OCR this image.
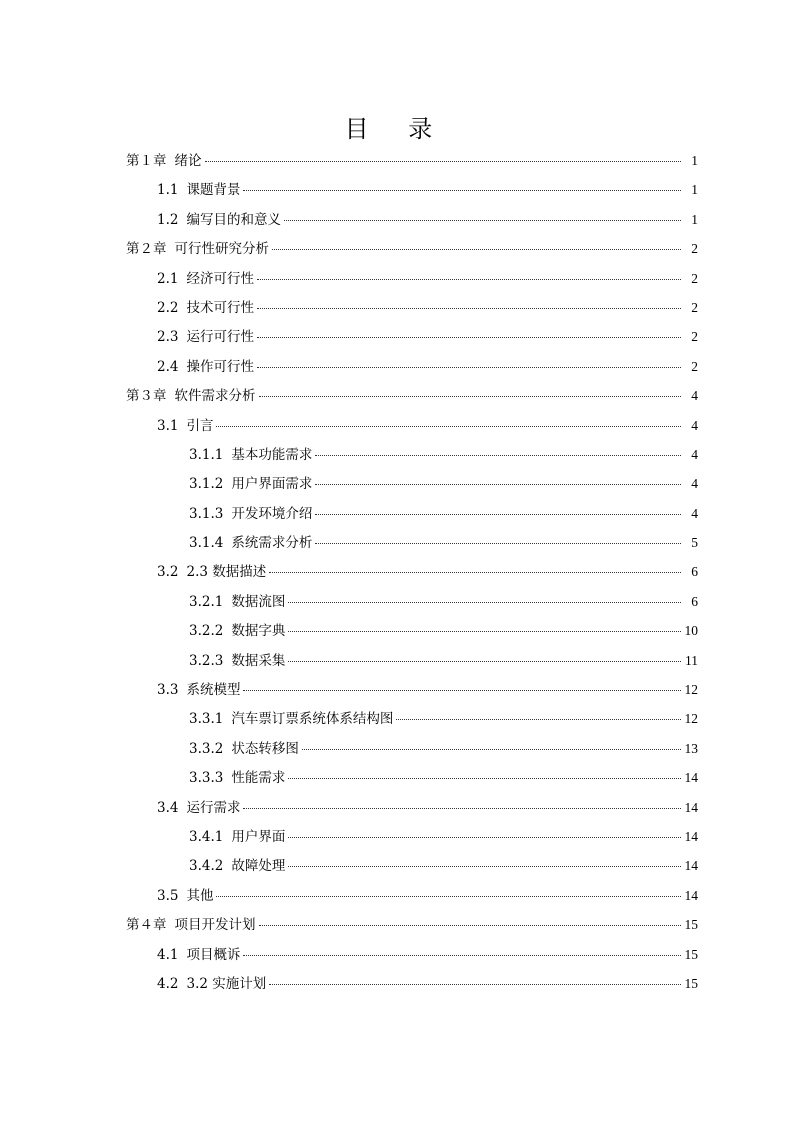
目 录
第１章 绪论	1
1.1 课题背景	1
1.2 编写目的和意义	1
第２章 可行性研究分析	2
2.1 经济可行性	2
2.2 技术可行性	2
2.3 运行可行性	2
2.4 操作可行性	2
第３章 软件需求分析	4
3.1 引言	4
3.1.1 基本功能需求	4
3.1.2 用户界面需求	4
3.1.3 开发环境介绍	4
3.1.4 系统需求分析	5
3.2 2.3 数据描述	6
3.2.1 数据流图	6
3.2.2 数据字典	10
3.2.3 数据采集	11
3.3 系统模型	12
3.3.1 汽车票订票系统体系结构图	12
3.3.2 状态转移图	13
3.3.3 性能需求	14
3.4 运行需求	14
3.4.1 用户界面	14
3.4.2 故障处理	14
3.5 其他	14
第４章 项目开发计划	15
4.1 项目概诉	15
4.2 3.2 实施计划	15
